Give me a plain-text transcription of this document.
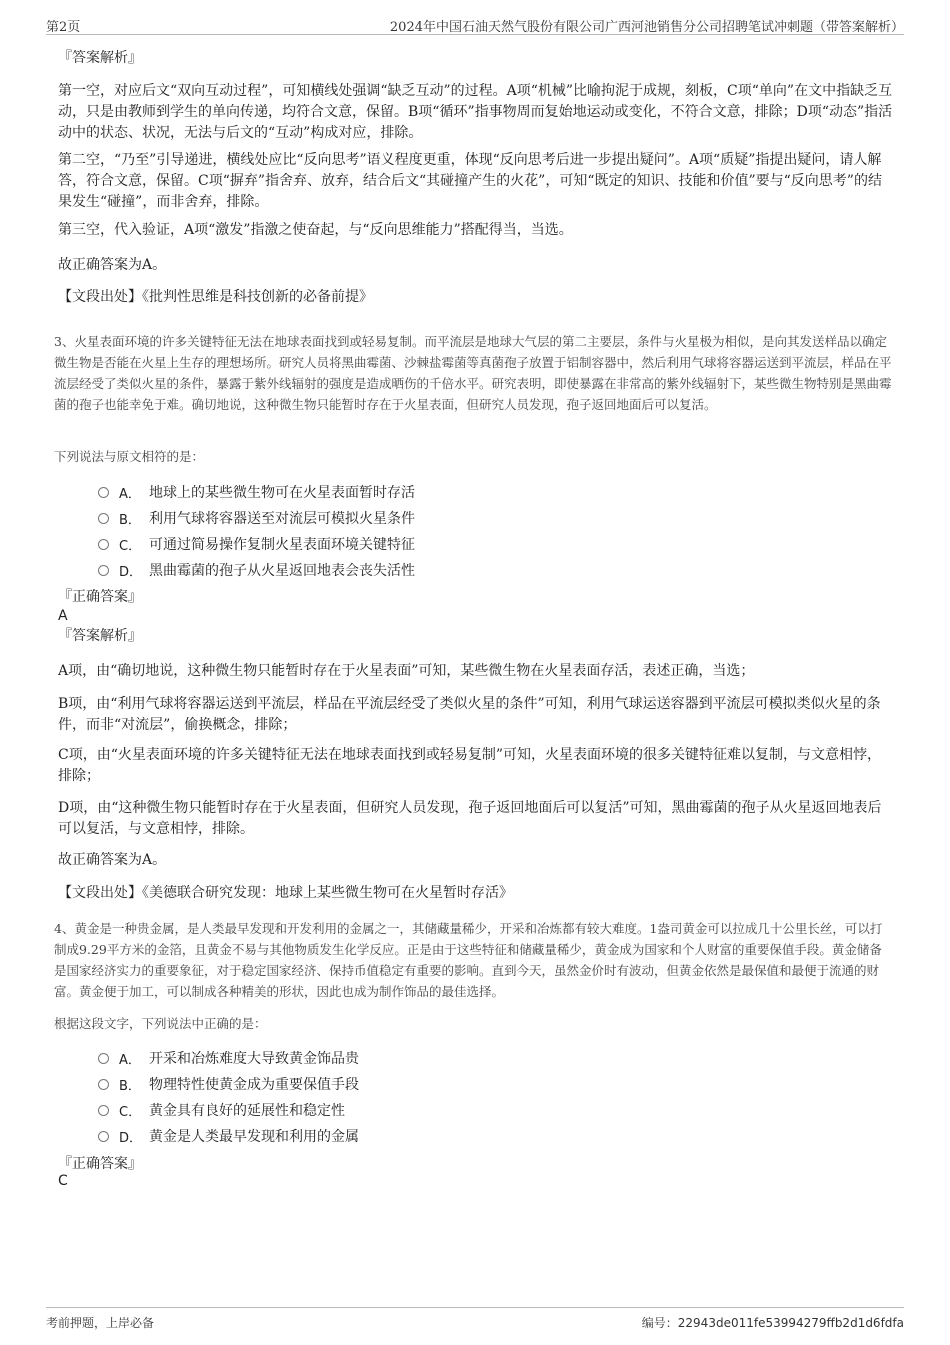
第2页	2024年中国石油天然气股份有限公司广西河池销售分公司招聘笔试冲刺题（带答案解析）
『答案解析』
第一空，对应后文“双向互动过程”，可知横线处强调“缺乏互动”的过程。A项“机械”比喻拘泥于成规，刻板，C项“单向”在文中指缺乏互动，只是由教师到学生的单向传递，均符合文意，保留。B项“循环”指事物周而复始地运动或变化，不符合文意，排除；D项“动态”指活动中的状态、状况，无法与后文的“互动”构成对应，排除。
第二空，“乃至”引导递进，横线处应比“反向思考”语义程度更重，体现“反向思考后进一步提出疑问”。A项“质疑”指提出疑问，请人解答，符合文意，保留。C项“摒弃”指舍弃、放弃，结合后文“其碰撞产生的火花”，可知“既定的知识、技能和价值”要与“反向思考”的结果发生“碰撞”，而非舍弃，排除。
第三空，代入验证，A项“激发”指激之使奋起，与“反向思维能力”搭配得当，当选。
故正确答案为A。
【文段出处】《批判性思维是科技创新的必备前提》
3、火星表面环境的许多关键特征无法在地球表面找到或轻易复制。而平流层是地球大气层的第二主要层，条件与火星极为相似，是向其发送样品以确定微生物是否能在火星上生存的理想场所。研究人员将黑曲霉菌、沙棘盐霉菌等真菌孢子放置于铝制容器中，然后利用气球将容器运送到平流层，样品在平流层经受了类似火星的条件，暴露于紫外线辐射的强度是造成晒伤的千倍水平。研究表明，即使暴露在非常高的紫外线辐射下，某些微生物特别是黑曲霉菌的孢子也能幸免于难。确切地说，这种微生物只能暂时存在于火星表面，但研究人员发现，孢子返回地面后可以复活。
下列说法与原文相符的是：
A． 地球上的某些微生物可在火星表面暂时存活
B． 利用气球将容器送至对流层可模拟火星条件
C． 可通过简易操作复制火星表面环境关键特征
D． 黑曲霉菌的孢子从火星返回地表会丧失活性
『正确答案』
A
『答案解析』
A项，由“确切地说，这种微生物只能暂时存在于火星表面”可知，某些微生物在火星表面存活，表述正确，当选；
B项，由“利用气球将容器运送到平流层，样品在平流层经受了类似火星的条件”可知，利用气球运送容器到平流层可模拟类似火星的条件，而非“对流层”，偷换概念，排除；
C项，由“火星表面环境的许多关键特征无法在地球表面找到或轻易复制”可知，火星表面环境的很多关键特征难以复制，与文意相悖，排除；
D项，由“这种微生物只能暂时存在于火星表面，但研究人员发现，孢子返回地面后可以复活”可知，黑曲霉菌的孢子从火星返回地表后可以复活，与文意相悖，排除。
故正确答案为A。
【文段出处】《美德联合研究发现：地球上某些微生物可在火星暂时存活》
4、黄金是一种贵金属，是人类最早发现和开发利用的金属之一，其储藏量稀少，开采和冶炼都有较大难度。1盎司黄金可以拉成几十公里长丝，可以打制成9.29平方米的金箔，且黄金不易与其他物质发生化学反应。正是由于这些特征和储藏量稀少，黄金成为国家和个人财富的重要保值手段。黄金储备是国家经济实力的重要象征，对于稳定国家经济、保持币值稳定有重要的影响。直到今天，虽然金价时有波动，但黄金依然是最保值和最便于流通的财富。黄金便于加工，可以制成各种精美的形状，因此也成为制作饰品的最佳选择。
根据这段文字，下列说法中正确的是：
A． 开采和冶炼难度大导致黄金饰品贵
B． 物理特性使黄金成为重要保值手段
C． 黄金具有良好的延展性和稳定性
D． 黄金是人类最早发现和利用的金属
『正确答案』
C
考前押题，上岸必备	编号：22943de011fe53994279ffb2d1d6fdfa
